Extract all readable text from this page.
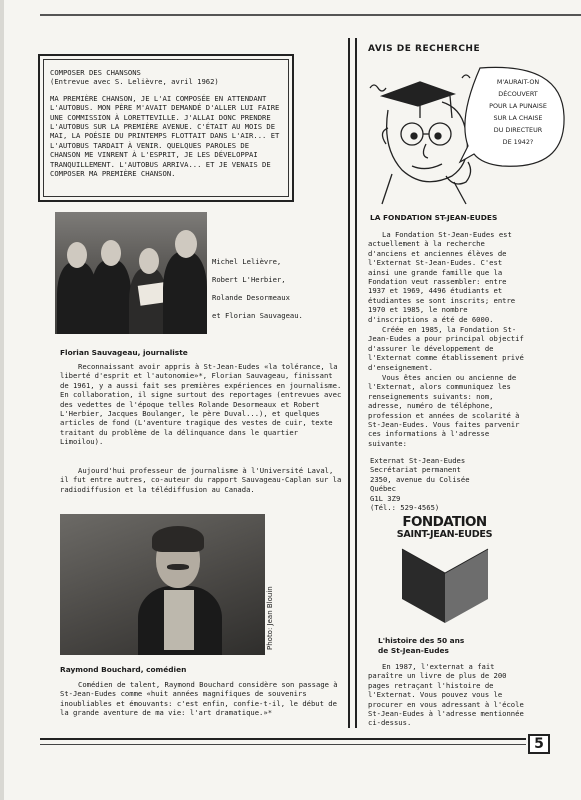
COMPOSER DES CHANSONS
(Entrevue avec S. Lelièvre, avril 1962)
MA PREMIÈRE CHANSON, JE L'AI COMPOSÉE EN ATTENDANT L'AUTOBUS. MON PÈRE M'AVAIT DEMANDÉ D'ALLER LUI FAIRE UNE COMMISSION À LORETTEVILLE. J'ALLAI DONC PRENDRE L'AUTOBUS SUR LA PREMIÈRE AVENUE. C'ÉTAIT AU MOIS DE MAI, LA POÉSIE DU PRINTEMPS FLOTTAIT DANS L'AIR... ET L'AUTOBUS TARDAIT À VENIR. QUELQUES PAROLES DE CHANSON ME VINRENT À L'ESPRIT, JE LES DÉVELOPPAI TRANQUILLEMENT. L'AUTOBUS ARRIVA... ET JE VENAIS DE COMPOSER MA PREMIÈRE CHANSON.
Michel Lelièvre,
Robert L'Herbier,
Rolande Desormeaux
et Florian Sauvageau.
Florian Sauvageau, journaliste

Reconnaissant avoir appris à St-Jean-Eudes «la tolérance, la liberté d'esprit et l'autonomie»*, Florian Sauvageau, finissant de 1961, y a aussi fait ses premières expériences en journalisme. En collaboration, il signe surtout des reportages (entrevues avec des vedettes de l'époque telles Rolande Desormeaux et Robert L'Herbier, Jacques Boulanger, le père Duval...), et quelques articles de fond (L'aventure tragique des vestes de cuir, texte traitant du problème de la délinquance dans le quartier Limoilou).

Aujourd'hui professeur de journalisme à l'Université Laval, il fut entre autres, co-auteur du rapport Sauvageau-Caplan sur la radiodiffusion et la télédiffusion au Canada.

Photo: Jean Blouin
Raymond Bouchard, comédien

Comédien de talent, Raymond Bouchard considère son passage à St-Jean-Eudes comme «huit années magnifiques de souvenirs inoubliables et émouvants: c'est enfin, confie-t-il, le début de la grande aventure de ma vie: l'art dramatique.»*

AVIS DE RECHERCHE
M'AURAIT-ON
DÉCOUVERT
POUR LA PUNAISE
SUR LA CHAISE
DU DIRECTEUR
DE 1942?
LA FONDATION ST-JEAN-EUDES

La Fondation St-Jean-Eudes est actuellement à la recherche d'anciens et anciennes élèves de l'Externat St-Jean-Eudes. C'est ainsi une grande famille que la Fondation veut rassembler: entre 1937 et 1969, 4496 étudiants et étudiantes se sont inscrits; entre 1970 et 1985, le nombre d'inscriptions a été de 6000.

Créée en 1985, la Fondation St-Jean-Eudes a pour principal objectif d'assurer le développement de l'Externat comme établissement privé d'enseignement.

Vous êtes ancien ou ancienne de l'Externat, alors communiquez les renseignements suivants: nom, adresse, numéro de téléphone, profession et années de scolarité à St-Jean-Eudes. Vous faites parvenir ces informations à l'adresse suivante:

Externat St-Jean-Eudes
Secrétariat permanent
2350, avenue du Colisée
Québec
G1L 3Z9
(Tél.: 529-4565)
FONDATION
SAINT-JEAN-EUDES
L'histoire des 50 ans
de St-Jean-Eudes

En 1987, l'externat a fait paraître un livre de plus de 200 pages retraçant l'histoire de l'Externat. Vous pouvez vous le procurer en vous adressant à l'école St-Jean-Eudes à l'adresse mentionnée ci-dessus.

5
